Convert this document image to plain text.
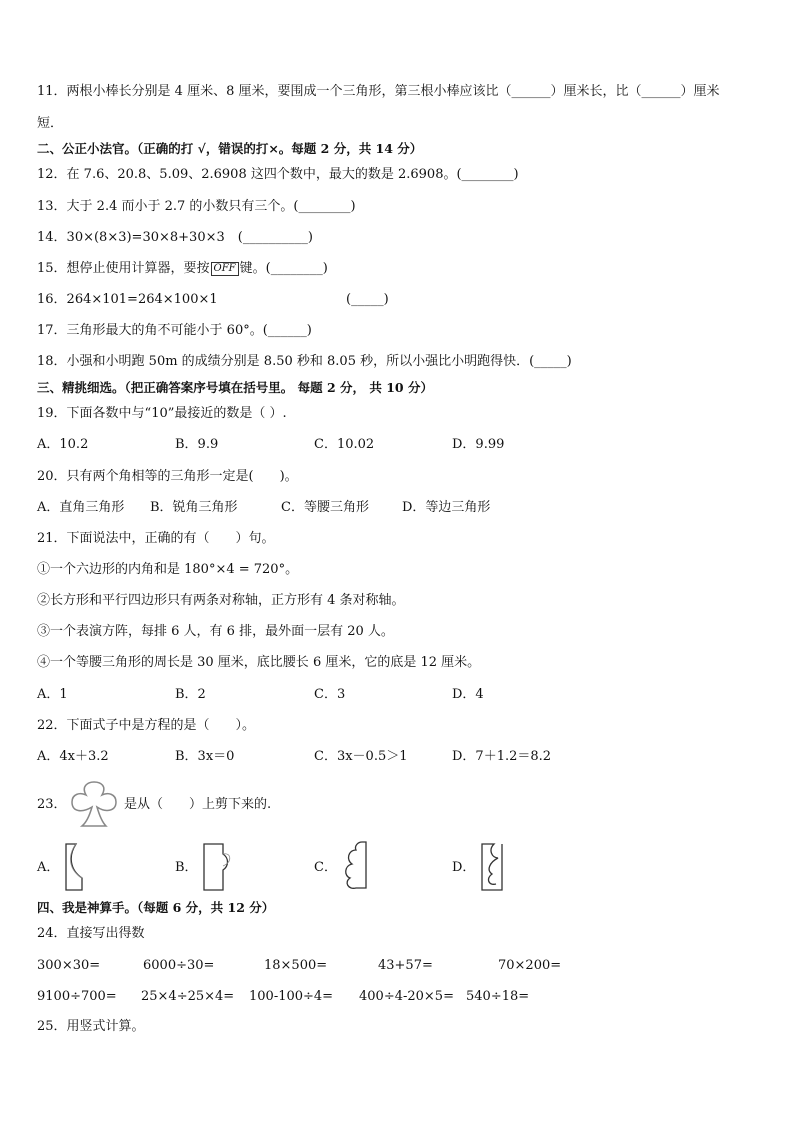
11．两根小棒长分别是 4 厘米、8 厘米，要围成一个三角形，第三根小棒应该比（______）厘米长，比（______）厘米
短．
二、公正小法官。（正确的打 √，错误的打×。每题 2 分，共 14 分）
12．在 7.6、20.8、5.09、2.6908 这四个数中，最大的数是 2.6908。(________)
13．大于 2.4 而小于 2.7 的小数只有三个。(________)
14．30×(8×3)=30×8+30×3　(__________)
15．想停止使用计算器，要按 OFF 键。(________)
16．264×101=264×100×1	(_____)
17．三角形最大的角不可能小于 60°。(______)
18．小强和小明跑 50m 的成绩分别是 8.50 秒和 8.05 秒，所以小强比小明跑得快．(_____)
三、精挑细选。（把正确答案序号填在括号里。 每题 2 分， 共 10 分）
19．下面各数中与“10”最接近的数是（ ）.
A．10.2	B．9.9	C．10.02	D．9.99
20．只有两个角相等的三角形一定是(　　)。
A．直角三角形 B．锐角三角形	C．等腰三角形	D．等边三角形
21．下面说法中，正确的有（　　）句。
①一个六边形的内角和是 180°×4 = 720°。
②长方形和平行四边形只有两条对称轴，正方形有 4 条对称轴。
③一个表演方阵，每排 6 人，有 6 排，最外面一层有 20 人。
④一个等腰三角形的周长是 30 厘米，底比腰长 6 厘米，它的底是 12 厘米。
A．1	B．2	C．3	D．4
22．下面式子中是方程的是（　　）。
A．4x＋3.2	B．3x＝0	C．3x－0.5＞1	D．7＋1.2＝8.2
23．	是从（　　）上剪下来的.
A．	B．	C．	D．
四、我是神算手。（每题 6 分，共 12 分）
24．直接写出得数
300×30=	6000÷30=	18×500=	43+57=	70×200=
9100÷700= 25×4÷25×4= 100-100÷4= 400÷4-20×5= 540÷18=
25．用竖式计算。
